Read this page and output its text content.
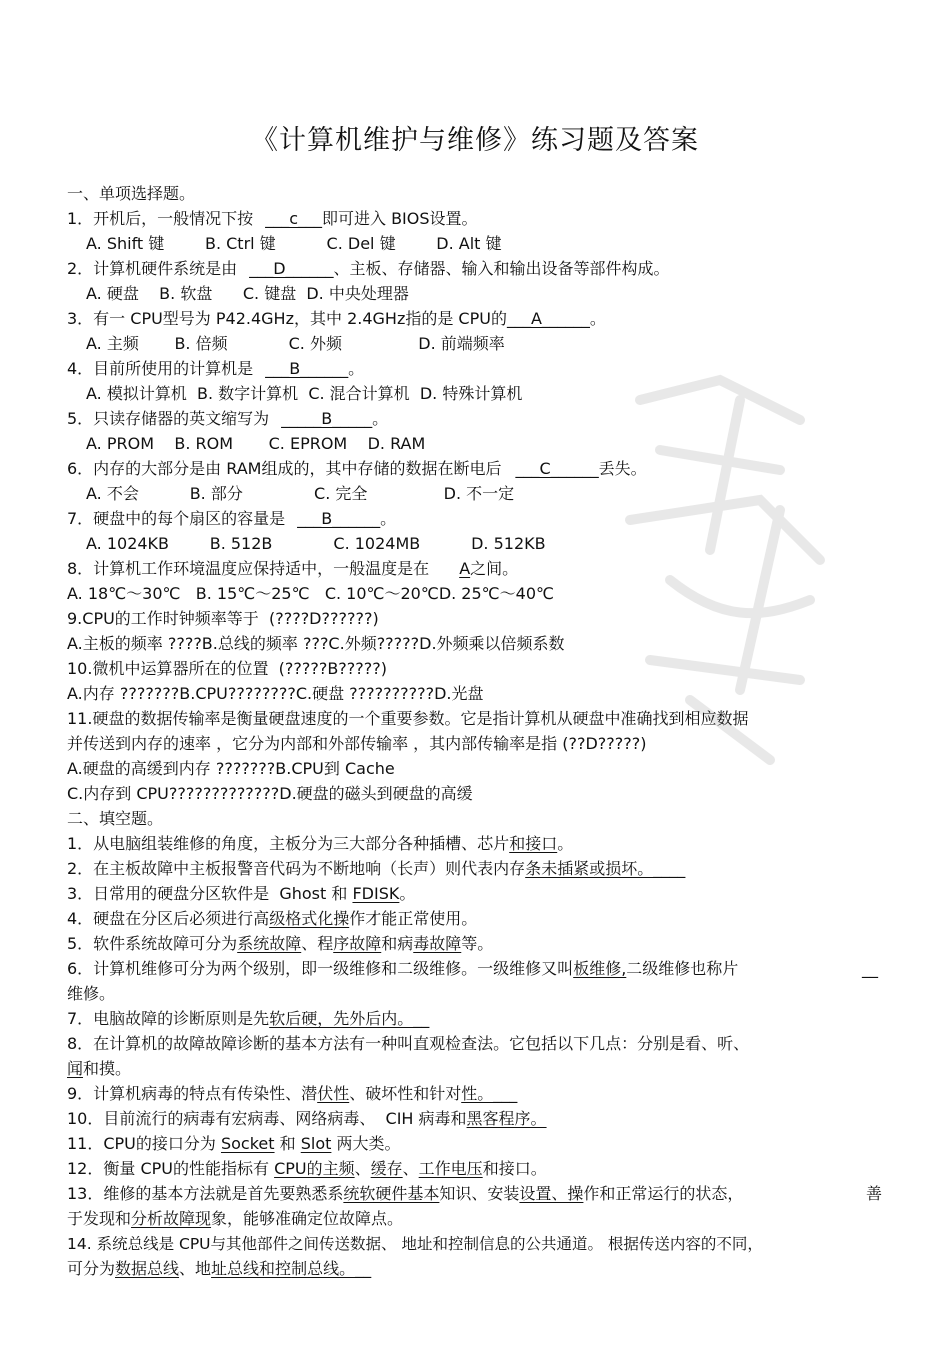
《计算机维护与维修》练习题及答案
一、单项选择题。
1．开机后，一般情况下按 ___c___即可进入 BIOS设置。
A. Shift 键        B. Ctrl 键          C. Del 键        D. Alt 键
2．计算机硬件系统是由 ___D______、主板、存储器、输入和输出设备等部件构成。
A. 硬盘    B. 软盘      C. 键盘  D. 中央处理器
3．有一 CPU型号为 P42.4GHz，其中 2.4GHz指的是 CPU的___A______。
A. 主频       B. 倍频            C. 外频               D. 前端频率
4．目前所使用的计算机是 ___B______。
A. 模拟计算机  B. 数字计算机  C. 混合计算机  D. 特殊计算机
5．只读存储器的英文缩写为 _____B_____。
A. PROM    B. ROM       C. EPROM    D. RAM
6．内存的大部分是由 RAM组成的，其中存储的数据在断电后 ___C______丢失。
A. 不会          B. 部分              C. 完全               D. 不一定
7．硬盘中的每个扇区的容量是 ___B______。
A. 1024KB        B. 512B            C. 1024MB          D. 512KB
8．计算机工作环境温度应保持适中，一般温度是在 A之间。
A. 18℃～30℃   B. 15℃～25℃   C. 10℃～20℃D. 25℃～40℃
9.CPU的工作时钟频率等于  (????D??????)
A.主板的频率 ????B.总线的频率 ???C.外频?????D.外频乘以倍频系数
10.微机中运算器所在的位置  (?????B?????)
A.内存 ???????B.CPU????????C.硬盘 ??????????D.光盘
11.硬盘的数据传输率是衡量硬盘速度的一个重要参数。它是指计算机从硬盘中准确找到相应数据
并传送到内存的速率 ，它分为内部和外部传输率 ，其内部传输率是指 (??D?????)
A.硬盘的高缓到内存 ???????B.CPU到 Cache
C.内存到 CPU?????????????D.硬盘的磁头到硬盘的高缓
二、填空题。
1．从电脑组装维修的角度，主板分为三大部分各种插槽、芯片和接口。
2．在主板故障中主板报警音代码为不断地响（长声）则代表内存条未插紧或损坏。____
3．日常用的硬盘分区软件是  Ghost 和 FDISK。
4．硬盘在分区后必须进行高级格式化操作才能正常使用。
5．软件系统故障可分为系统故障、程序故障和病毒故障等。
6．计算机维修可分为两个级别，即一级维修和二级维修。一级维修又叫板维修,二级维修也称片	__
维修。
7．电脑故障的诊断原则是先软后硬，先外后内。__
8．在计算机的故障故障诊断的基本方法有一种叫直观检查法。它包括以下几点：分别是看、听、
闻和摸。
9．计算机病毒的特点有传染性、潜伏性、破坏性和针对性。___
10．目前流行的病毒有宏病毒、网络病毒、  CIH 病毒和黑客程序。
11．CPU的接口分为 Socket 和 Slot 两大类。
12．衡量 CPU的性能指标有 CPU的主频、缓存、工作电压和接口。
13．维修的基本方法就是首先要熟悉系统软硬件基本知识、安装设置、操作和正常运行的状态，	善
于发现和分析故障现象，能够准确定位故障点。
14. 系统总线是 CPU与其他部件之间传送数据、 地址和控制信息的公共通道。 根据传送内容的不同，
可分为数据总线、地址总线和控制总线。__
